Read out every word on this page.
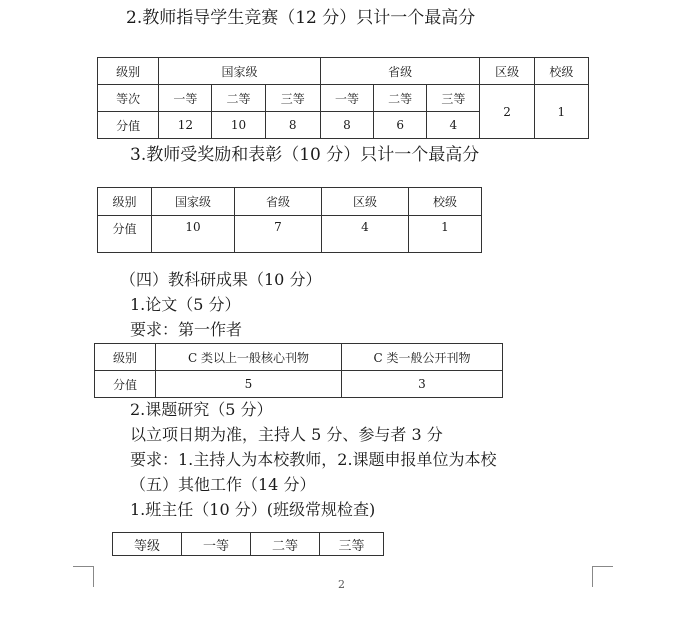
2.教师指导学生竞赛（12 分）只计一个最高分
级别	国家级			省级			区级	校级
等次	一等	二等	三等	一等	二等	三等	2	1
分值	12	10	8	8	6	4		
3.教师受奖励和表彰（10 分）只计一个最高分
级别	国家级	省级	区级	校级
分值	10	7	4	1
（四）教科研成果（10 分）
1.论文（5 分）
要求：第一作者
级别	C 类以上一般核心刊物	C 类一般公开刊物
分值	5	3
2.课题研究（5 分）
以立项日期为准，主持人 5 分、参与者 3 分
要求：1.主持人为本校教师，2.课题申报单位为本校
（五）其他工作（14 分）
1.班主任（10 分）(班级常规检查)
等级	一等	二等	三等
2
